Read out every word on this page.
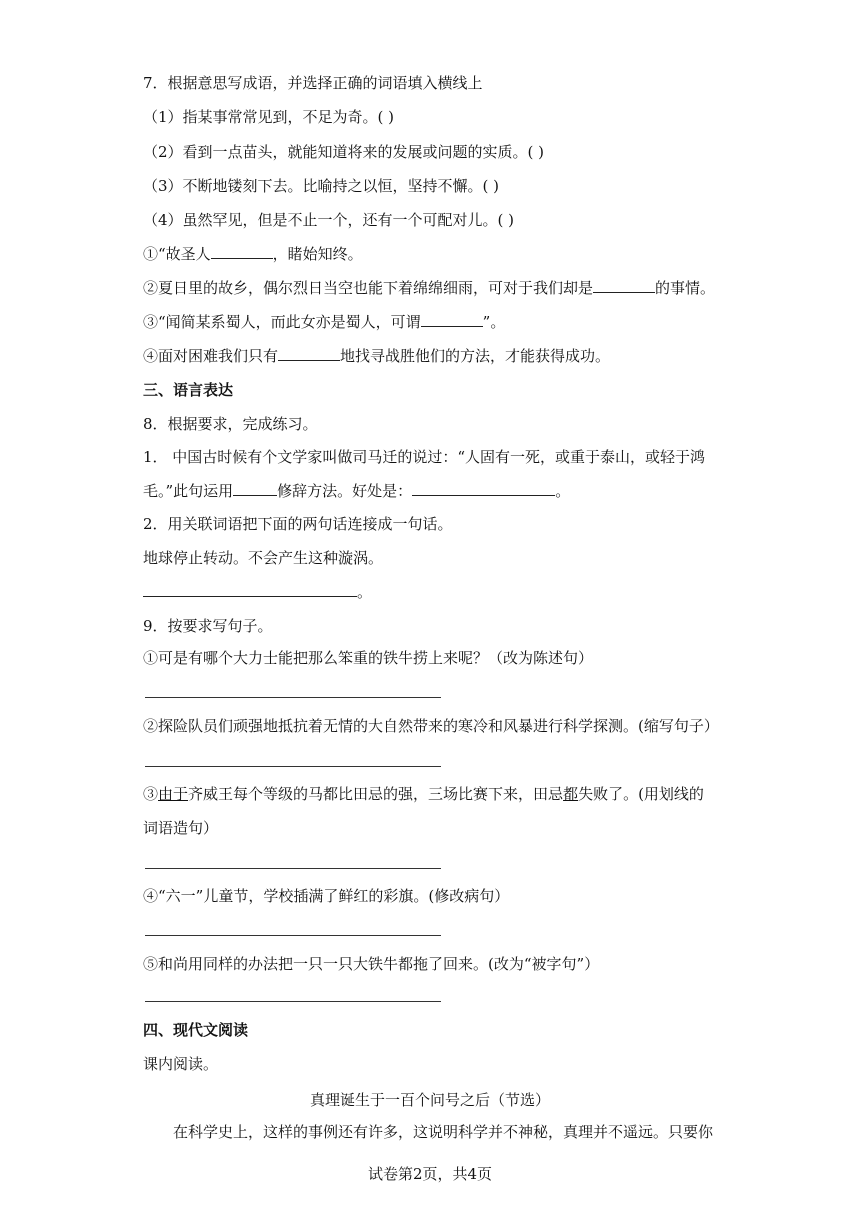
7．根据意思写成语，并选择正确的词语填入横线上
（1）指某事常常见到，不足为奇。( )
（2）看到一点苗头，就能知道将来的发展或问题的实质。( )
（3）不断地镂刻下去。比喻持之以恒，坚持不懈。( )
（4）虽然罕见，但是不止一个，还有一个可配对儿。( )
①“故圣人	，睹始知终。
②夏日里的故乡，偶尔烈日当空也能下着绵绵细雨，可对于我们却是	的事情。
③“闻简某系蜀人，而此女亦是蜀人，可谓	”。
④面对困难我们只有	地找寻战胜他们的方法，才能获得成功。
三、语言表达
8．根据要求，完成练习。
1． 中国古时候有个文学家叫做司马迁的说过：“人固有一死，或重于泰山，或轻于鸿
毛。”此句运用	修辞方法。好处是：	。
2．用关联词语把下面的两句话连接成一句话。
地球停止转动。不会产生这种漩涡。
。
9．按要求写句子。
①可是有哪个大力士能把那么笨重的铁牛捞上来呢？（改为陈述句）
②探险队员们顽强地抵抗着无情的大自然带来的寒冷和风暴进行科学探测。(缩写句子）
③由于齐威王每个等级的马都比田忌的强，三场比赛下来，田忌都失败了。(用划线的
词语造句）
④“六一”儿童节，学校插满了鲜红的彩旗。(修改病句）
⑤和尚用同样的办法把一只一只大铁牛都拖了回来。(改为“被字句”）
四、现代文阅读
课内阅读。
真理诞生于一百个问号之后（节选）
在科学史上，这样的事例还有许多，这说明科学并不神秘，真理并不遥远。只要你
试卷第2页，共4页
